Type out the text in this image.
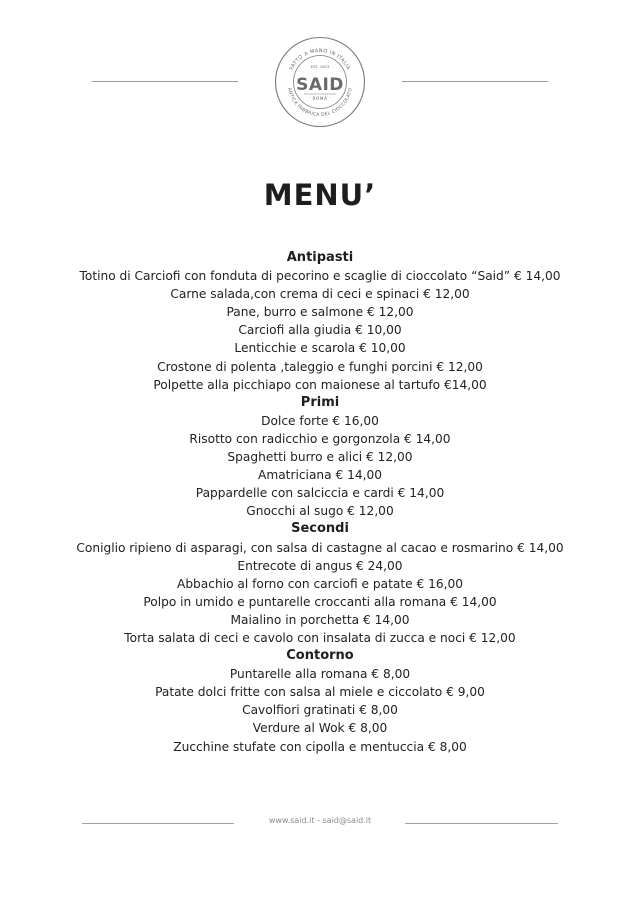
FATTO A MANO IN ITALIA
ANTICA FABBRICA DEL CIOCCOLATO
EST. 1923
SAID
ROMA
MENU’
Antipasti
Totino di Carciofi con fonduta di pecorino e scaglie di cioccolato “Said” € 14,00
Carne salada,con crema di ceci e spinaci € 12,00
Pane, burro e salmone € 12,00
Carciofi alla giudia € 10,00
Lenticchie e scarola € 10,00
Crostone di polenta ,taleggio e funghi porcini € 12,00
Polpette alla picchiapo con maionese al tartufo €14,00
Primi
Dolce forte € 16,00
Risotto con radicchio e gorgonzola € 14,00
Spaghetti burro e alici € 12,00
Amatriciana € 14,00
Pappardelle con salciccia e cardi € 14,00
Gnocchi al sugo € 12,00
Secondi
Coniglio ripieno di asparagi, con salsa di castagne al cacao e rosmarino € 14,00
Entrecote di angus € 24,00
Abbachio al forno con carciofi e patate € 16,00
Polpo in umido e puntarelle croccanti alla romana € 14,00
Maialino in porchetta € 14,00
Torta salata di ceci e cavolo con insalata di zucca e noci € 12,00
Contorno
Puntarelle alla romana € 8,00
Patate dolci fritte con salsa al miele e ciccolato € 9,00
Cavolfiori gratinati € 8,00
Verdure al Wok € 8,00
Zucchine stufate con cipolla e mentuccia € 8,00
www.said.it - said@said.it
